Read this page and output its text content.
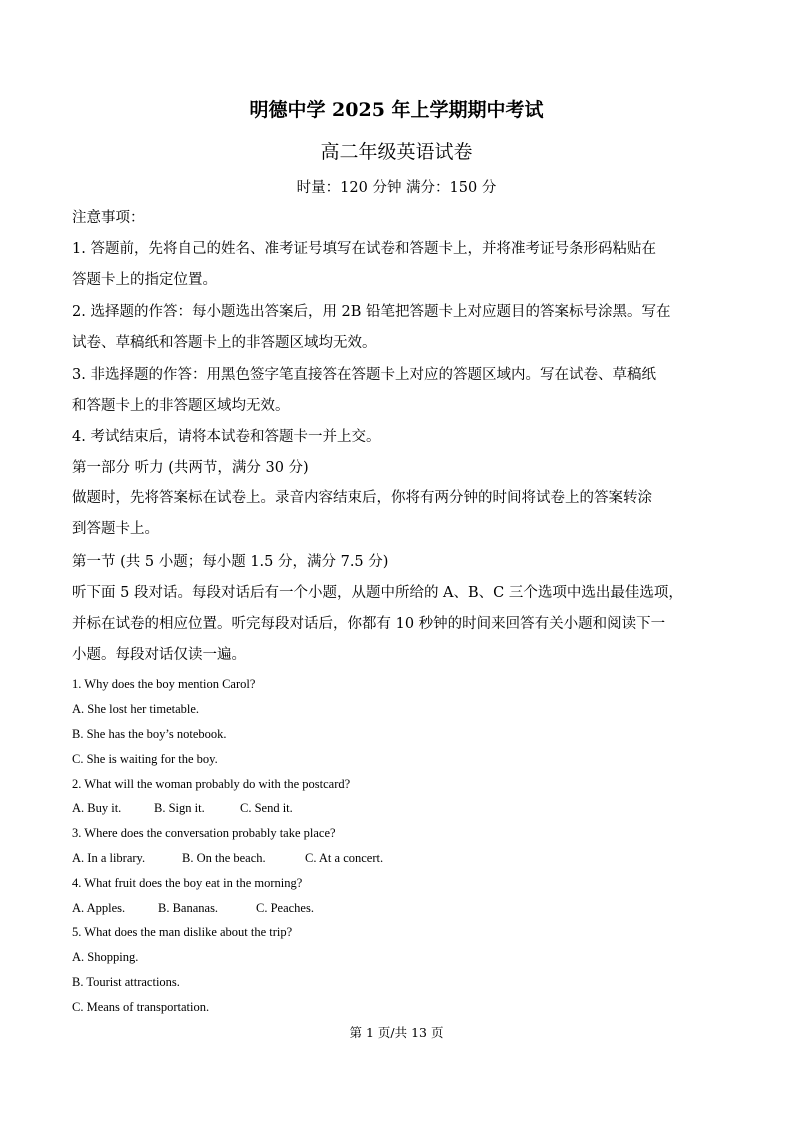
明德中学 2025 年上学期期中考试
高二年级英语试卷
时量：120 分钟 满分：150 分
注意事项：
1. 答题前，先将自己的姓名、准考证号填写在试卷和答题卡上，并将准考证号条形码粘贴在
答题卡上的指定位置。
2. 选择题的作答：每小题选出答案后，用 2B 铅笔把答题卡上对应题目的答案标号涂黑。写在
试卷、草稿纸和答题卡上的非答题区域均无效。
3. 非选择题的作答：用黑色签字笔直接答在答题卡上对应的答题区域内。写在试卷、草稿纸
和答题卡上的非答题区域均无效。
4. 考试结束后，请将本试卷和答题卡一并上交。
第一部分 听力 (共两节，满分 30 分)
做题时，先将答案标在试卷上。录音内容结束后，你将有两分钟的时间将试卷上的答案转涂
到答题卡上。
第一节 (共 5 小题；每小题 1.5 分，满分 7.5 分)
听下面 5 段对话。每段对话后有一个小题，从题中所给的 A、B、C 三个选项中选出最佳选项，
并标在试卷的相应位置。听完每段对话后，你都有 10 秒钟的时间来回答有关小题和阅读下一
小题。每段对话仅读一遍。
1. Why does the boy mention Carol?
A. She lost her timetable.
B. She has the boy’s notebook.
C. She is waiting for the boy.
2. What will the woman probably do with the postcard?
A. Buy it.	B. Sign it.	C. Send it.
3. Where does the conversation probably take place?
A. In a library.	B. On the beach.	C. At a concert.
4. What fruit does the boy eat in the morning?
A. Apples.	B. Bananas.	C. Peaches.
5. What does the man dislike about the trip?
A. Shopping.
B. Tourist attractions.
C. Means of transportation.
第 1 页/共 13 页
